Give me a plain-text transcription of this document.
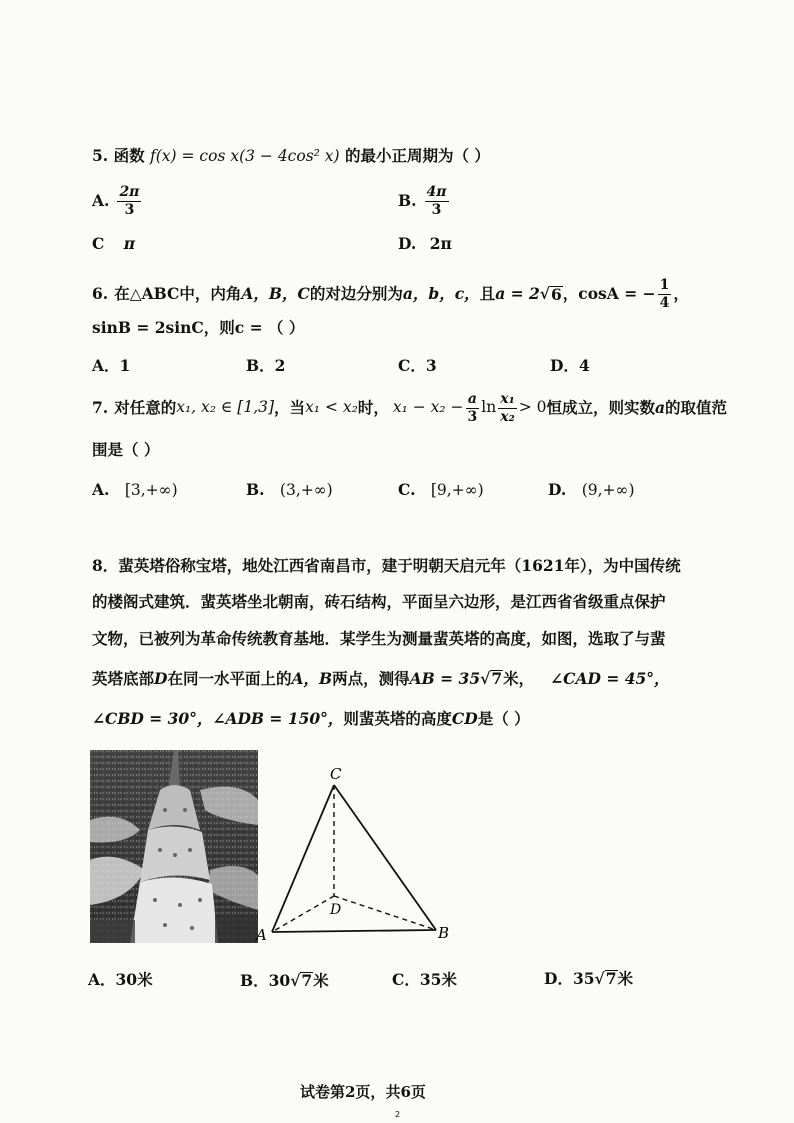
5. 函数 f(x) = cos x(3 − 4cos² x) 的最小正周期为（ ）
A. $\frac{2\pi}{3}$	B. $\frac{4\pi}{3}$
C π	D. 2π
6. 在△ABC中，内角 A，B，C 的对边分别为 a，b，c， 且 a = 2 √ 6 ，cosA = − $\frac{1}{4}$ ，
sinB = 2sinC，则c = （ ）
A．1	B．2	C．3	D．4
7. 对任意的 x₁, x₂ ∈ [1,3] ，当 x₁ < x₂ 时， $x_1 - x_2 - \frac{a}{3}$ $\ln \frac{\text{x₁}}{\text{x₂}} > 0$ 恒成立，则实数 a 的取值范
围是（ ）
A. [3,+∞)	B. (3,+∞)	C. [9,+∞)	D. (9,+∞)
8．蜚英塔俗称宝塔，地处江西省南昌市，建于明朝天启元年（1621年），为中国传统
的楼阁式建筑．蜚英塔坐北朝南，砖石结构，平面呈六边形，是江西省省级重点保护
文物，已被列为革命传统教育基地．某学生为测量蜚英塔的高度，如图，选取了与蜚
英塔底部 D 在同一水平面上的 A，B 两点，测得 AB = 35 √ 7 米， ∠CAD = 45°，
∠CBD = 30°，∠ADB = 150°， 则蜚英塔的高度 CD 是（ ）
C
D
A	B
A．30米	B． 30 √ 7 米	C．35米	D． 35 √ 7 米
试卷第2页，共6页
2
